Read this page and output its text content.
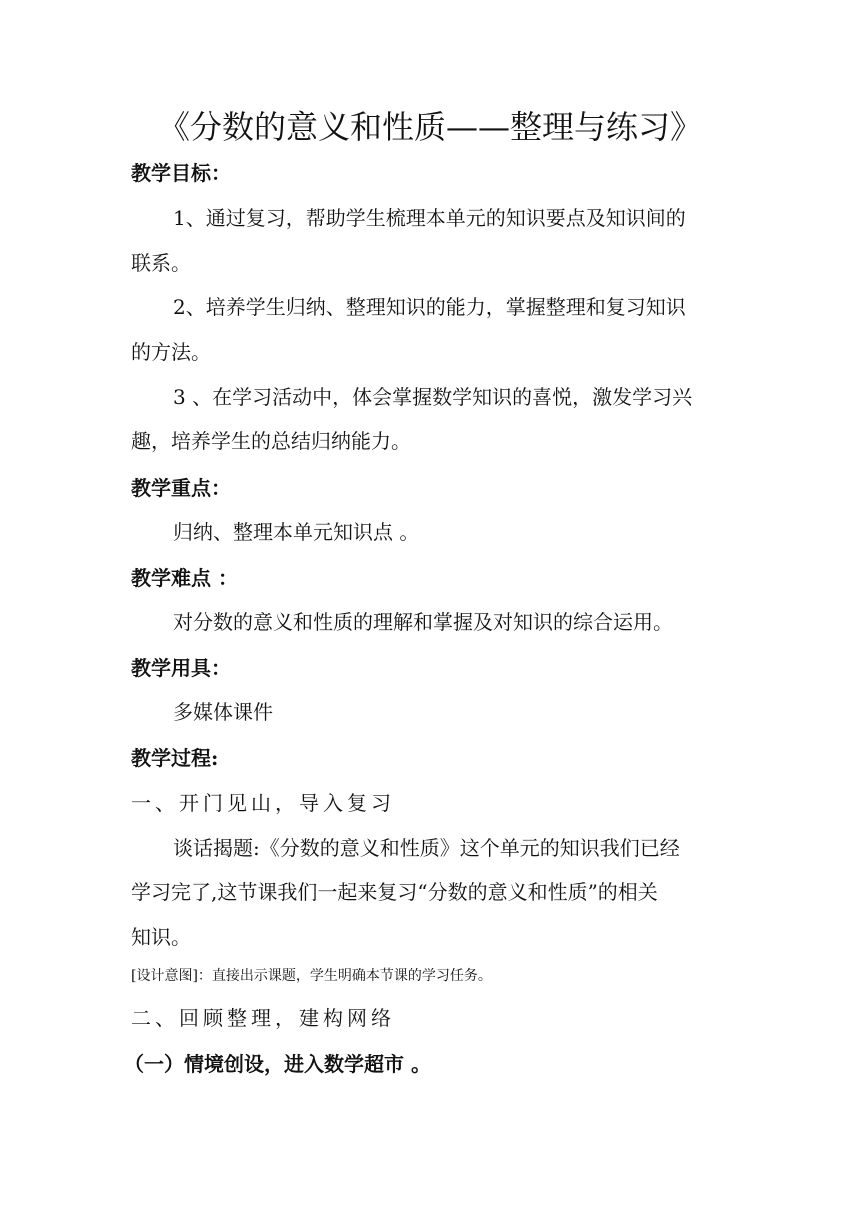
《分数的意义和性质——整理与练习》
教学目标：
1、通过复习，帮助学生梳理本单元的知识要点及知识间的
联系。
2、培养学生归纳、整理知识的能力，掌握整理和复习知识
的方法。
3 、在学习活动中，体会掌握数学知识的喜悦，激发学习兴
趣，培养学生的总结归纳能力。
教学重点：
归纳、整理本单元知识点 。
教学难点 ：
对分数的意义和性质的理解和掌握及对知识的综合运用。
教学用具：
多媒体课件
教学过程:
一、开门见山，导入复习
谈话揭题:《分数的意义和性质》这个单元的知识我们已经
学习完了,这节课我们一起来复习“分数的意义和性质”的相关
知识。
[设计意图]：直接出示课题，学生明确本节课的学习任务。
二、回顾整理，建构网络
（一）情境创设，进入数学超市 。
